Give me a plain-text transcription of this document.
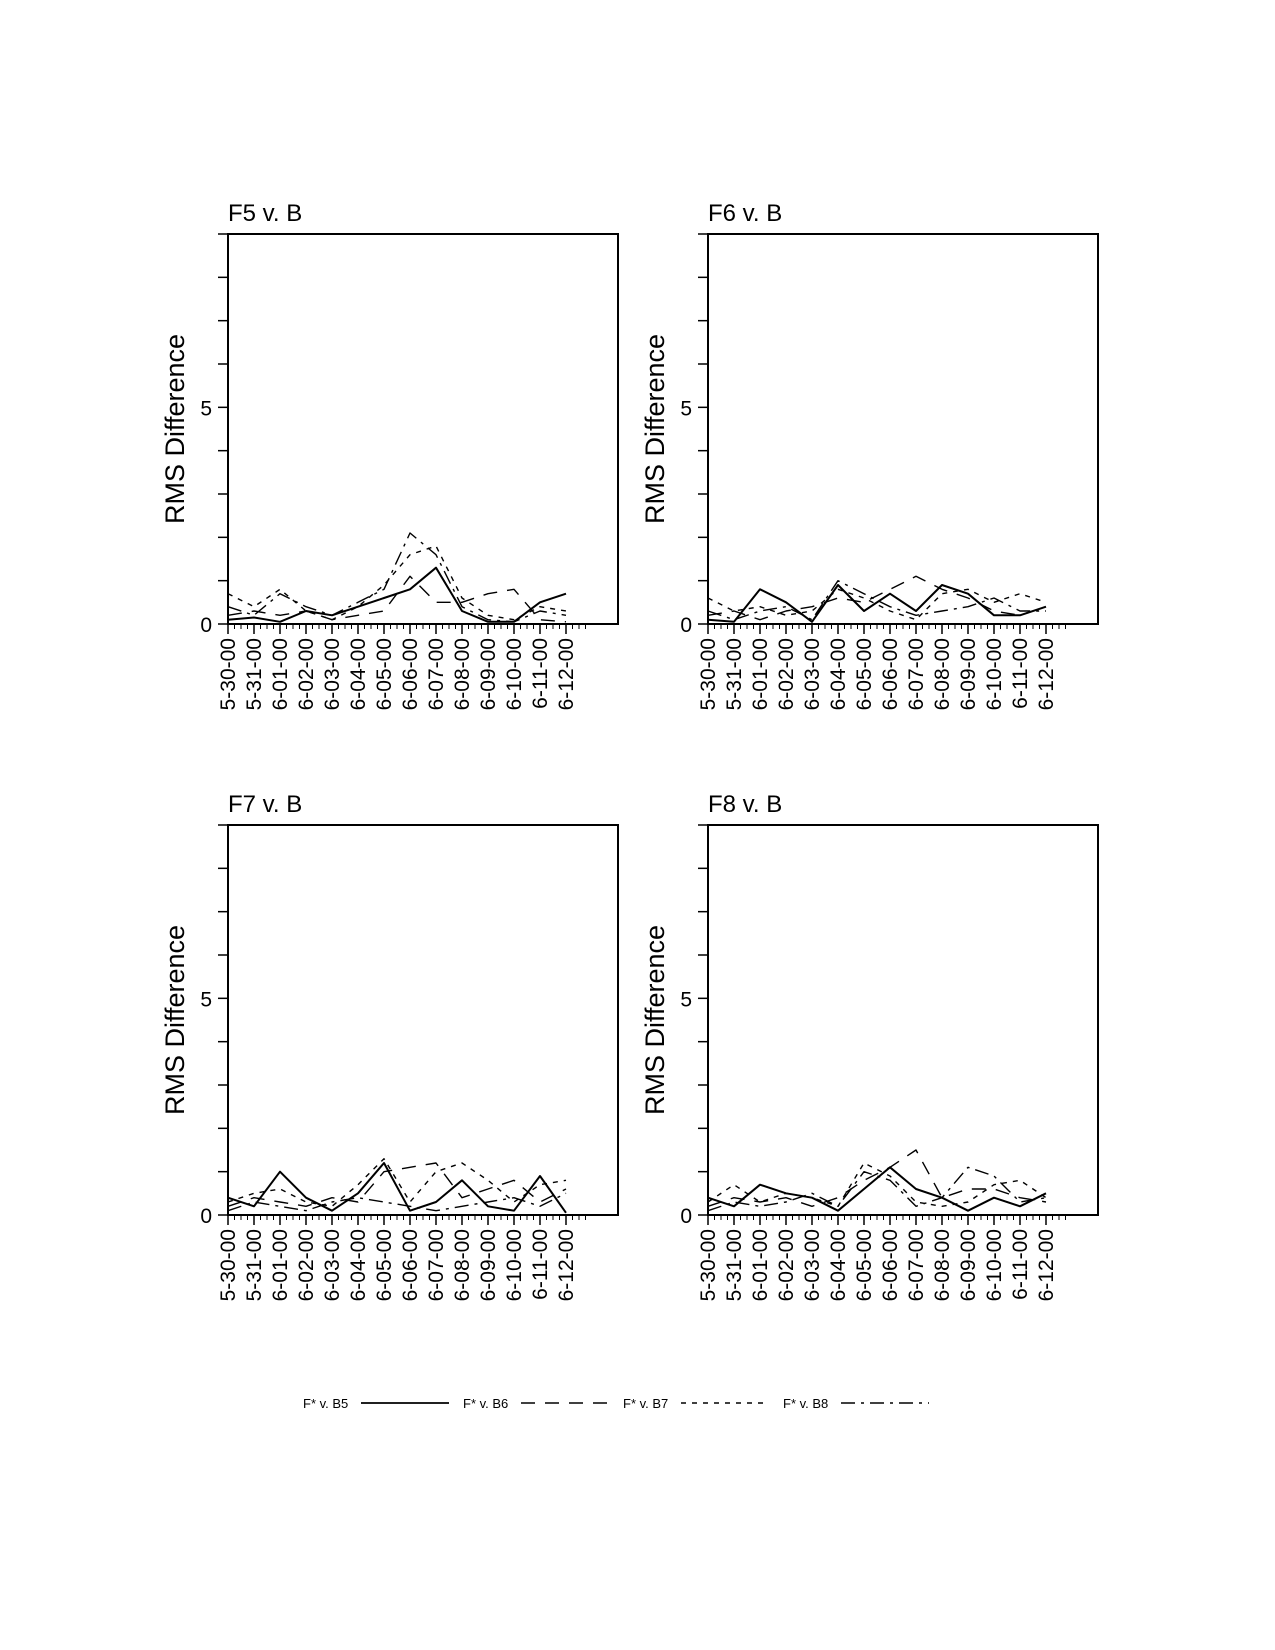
F5 v. B
0
5
RMS Difference
5-30-00 5-31-00 6-01-00 6-02-00 6-03-00 6-04-00 6-05-00 6-06-00 6-07-00 6-08-00 6-09-00 6-10-00 6-11-00 6-12-00
F6 v. B
0
5
RMS Difference
5-30-00 5-31-00 6-01-00 6-02-00 6-03-00 6-04-00 6-05-00 6-06-00 6-07-00 6-08-00 6-09-00 6-10-00 6-11-00 6-12-00
F7 v. B
0
5
RMS Difference
5-30-00 5-31-00 6-01-00 6-02-00 6-03-00 6-04-00 6-05-00 6-06-00 6-07-00 6-08-00 6-09-00 6-10-00 6-11-00 6-12-00
F8 v. B
0
5
RMS Difference
5-30-00 5-31-00 6-01-00 6-02-00 6-03-00 6-04-00 6-05-00 6-06-00 6-07-00 6-08-00 6-09-00 6-10-00 6-11-00 6-12-00
F* v. B5	F* v. B6	F* v. B7	F* v. B8
